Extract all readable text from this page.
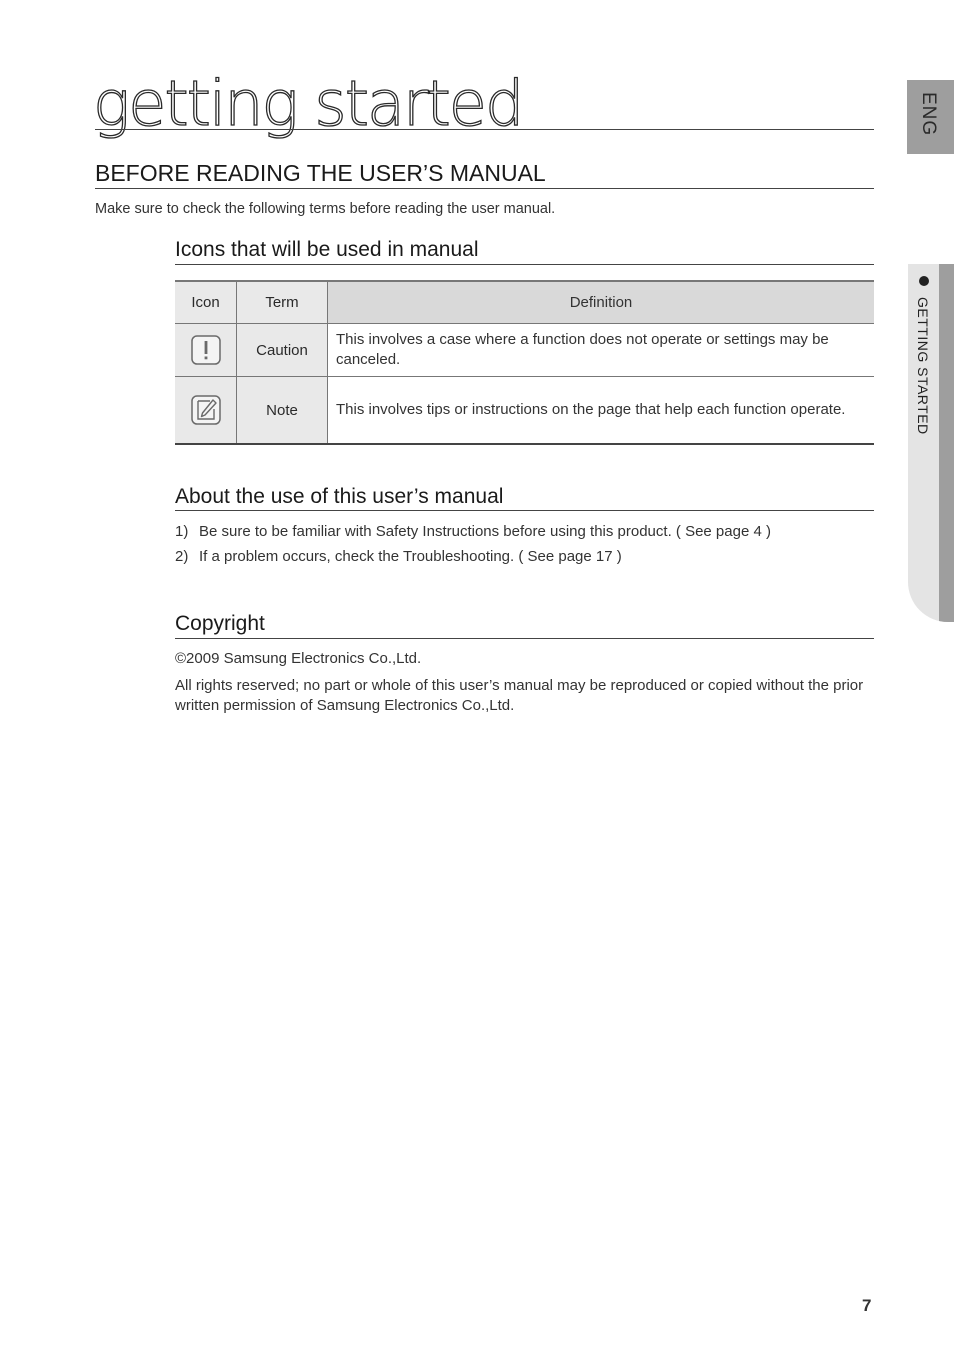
getting started
BEFORE READING THE USER’S MANUAL

Make sure to check the following terms before reading the user manual.

Icons that will be used in manual
Icon	Term	Definition
	Caution	This involves a case where a function does not operate or settings may be canceled.
	Note	This involves tips or instructions on the page that help each function operate.
About the use of this user’s manual
1) Be sure to be familiar with Safety Instructions before using this product. ( See page 4 )
2) If a problem occurs, check the Troubleshooting. ( See page 17 )
Copyright

©2009 Samsung Electronics Co.,Ltd.

All rights reserved; no part or whole of this user’s manual may be reproduced or copied without the prior written permission of Samsung Electronics Co.,Ltd.

ENG
GETTING STARTED

7
